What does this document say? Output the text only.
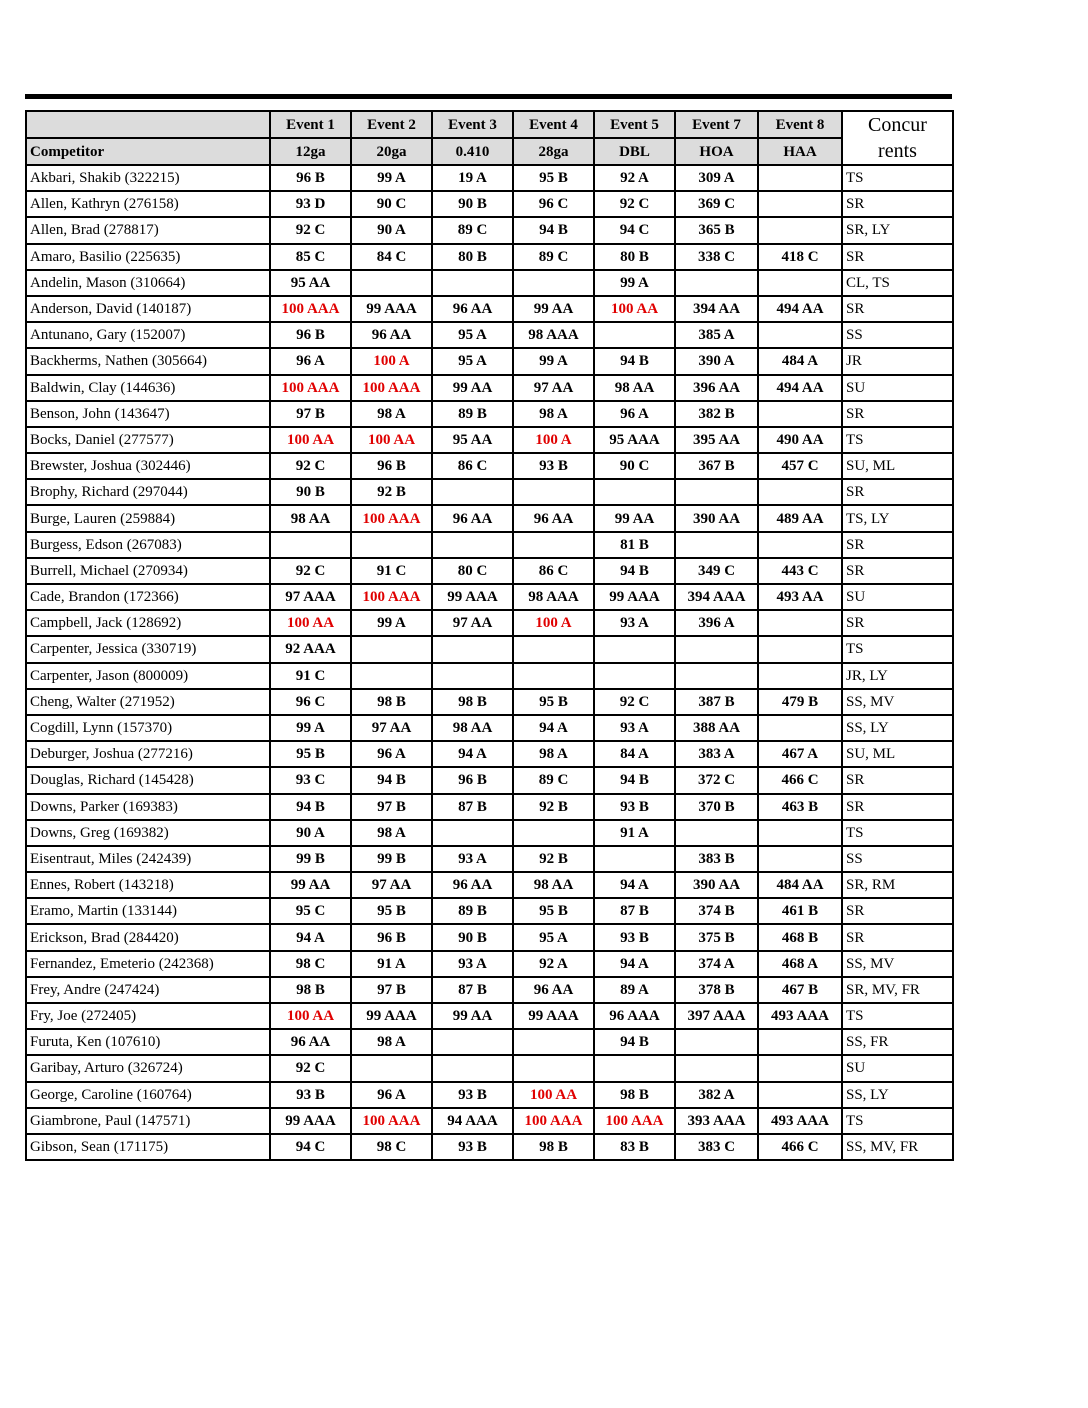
	Event 1	Event 2	Event 3	Event 4	Event 5	Event 7	Event 8	Concur
rents
Competitor	12ga	20ga	0.410	28ga	DBL	HOA	HAA	
Akbari, Shakib (322215)	96 B	99 A	19 A	95 B	92 A	309 A		TS
Allen, Kathryn (276158)	93 D	90 C	90 B	96 C	92 C	369 C		SR
Allen, Brad (278817)	92 C	90 A	89 C	94 B	94 C	365 B		SR, LY
Amaro, Basilio (225635)	85 C	84 C	80 B	89 C	80 B	338 C	418 C	SR
Andelin, Mason (310664)	95 AA				99 A			CL, TS
Anderson, David (140187)	100 AAA	99 AAA	96 AA	99 AA	100 AA	394 AA	494 AA	SR
Antunano, Gary (152007)	96 B	96 AA	95 A	98 AAA		385 A		SS
Backherms, Nathen (305664)	96 A	100 A	95 A	99 A	94 B	390 A	484 A	JR
Baldwin, Clay (144636)	100 AAA	100 AAA	99 AA	97 AA	98 AA	396 AA	494 AA	SU
Benson, John (143647)	97 B	98 A	89 B	98 A	96 A	382 B		SR
Bocks, Daniel (277577)	100 AA	100 AA	95 AA	100 A	95 AAA	395 AA	490 AA	TS
Brewster, Joshua (302446)	92 C	96 B	86 C	93 B	90 C	367 B	457 C	SU, ML
Brophy, Richard (297044)	90 B	92 B						SR
Burge, Lauren (259884)	98 AA	100 AAA	96 AA	96 AA	99 AA	390 AA	489 AA	TS, LY
Burgess, Edson (267083)					81 B			SR
Burrell, Michael (270934)	92 C	91 C	80 C	86 C	94 B	349 C	443 C	SR
Cade, Brandon (172366)	97 AAA	100 AAA	99 AAA	98 AAA	99 AAA	394 AAA	493 AA	SU
Campbell, Jack (128692)	100 AA	99 A	97 AA	100 A	93 A	396 A		SR
Carpenter, Jessica (330719)	92 AAA							TS
Carpenter, Jason (800009)	91 C							JR, LY
Cheng, Walter (271952)	96 C	98 B	98 B	95 B	92 C	387 B	479 B	SS, MV
Cogdill, Lynn (157370)	99 A	97 AA	98 AA	94 A	93 A	388 AA		SS, LY
Deburger, Joshua (277216)	95 B	96 A	94 A	98 A	84 A	383 A	467 A	SU, ML
Douglas, Richard (145428)	93 C	94 B	96 B	89 C	94 B	372 C	466 C	SR
Downs, Parker (169383)	94 B	97 B	87 B	92 B	93 B	370 B	463 B	SR
Downs, Greg (169382)	90 A	98 A			91 A			TS
Eisentraut, Miles (242439)	99 B	99 B	93 A	92 B		383 B		SS
Ennes, Robert (143218)	99 AA	97 AA	96 AA	98 AA	94 A	390 AA	484 AA	SR, RM
Eramo, Martin (133144)	95 C	95 B	89 B	95 B	87 B	374 B	461 B	SR
Erickson, Brad (284420)	94 A	96 B	90 B	95 A	93 B	375 B	468 B	SR
Fernandez, Emeterio (242368)	98 C	91 A	93 A	92 A	94 A	374 A	468 A	SS, MV
Frey, Andre (247424)	98 B	97 B	87 B	96 AA	89 A	378 B	467 B	SR, MV, FR
Fry, Joe (272405)	100 AA	99 AAA	99 AA	99 AAA	96 AAA	397 AAA	493 AAA	TS
Furuta, Ken (107610)	96 AA	98 A			94 B			SS, FR
Garibay, Arturo (326724)	92 C							SU
George, Caroline (160764)	93 B	96 A	93 B	100 AA	98 B	382 A		SS, LY
Giambrone, Paul (147571)	99 AAA	100 AAA	94 AAA	100 AAA	100 AAA	393 AAA	493 AAA	TS
Gibson, Sean (171175)	94 C	98 C	93 B	98 B	83 B	383 C	466 C	SS, MV, FR
